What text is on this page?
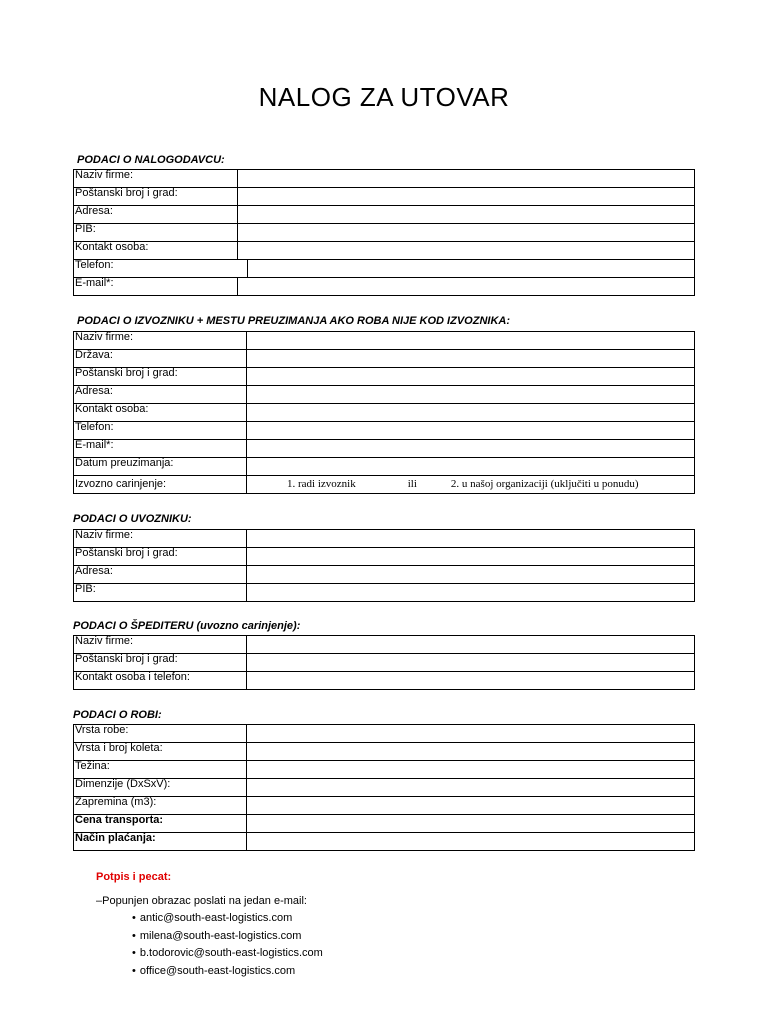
NALOG ZA UTOVAR
PODACI O NALOGODAVCU:
Naziv firme:	
Poštanski broj i grad:	
Adresa:	
PIB:	
Kontakt osoba:	
Telefon:	

E-mail*:	
PODACI O IZVOZNIKU + MESTU PREUZIMANJA AKO ROBA NIJE KOD IZVOZNIKA:
Naziv firme:	
Država:	
Poštanski broj i grad:	
Adresa:	
Kontakt osoba:	
Telefon:	
E-mail*:	
Datum preuzimanja:	
Izvozno carinjenje:	1. radi izvoznik ili 2. u našoj organizaciji (uključiti u ponudu)
PODACI O UVOZNIKU:
Naziv firme:	
Poštanski broj i grad:	
Adresa:	
PIB:	
PODACI O ŠPEDITERU (uvozno carinjenje):
Naziv firme:	
Poštanski broj i grad:	
Kontakt osoba i telefon:	
PODACI O ROBI:
Vrsta robe:	
Vrsta i broj koleta:	
Težina:	
Dimenzije (DxSxV):	
Zapremina (m3):	
Cena transporta:	
Način plaćanja:	
Potpis i pecat:
–Popunjen obrazac poslati na jedan e-mail:
• antic@south-east-logistics.com
• milena@south-east-logistics.com
• b.todorovic@south-east-logistics.com
• office@south-east-logistics.com
